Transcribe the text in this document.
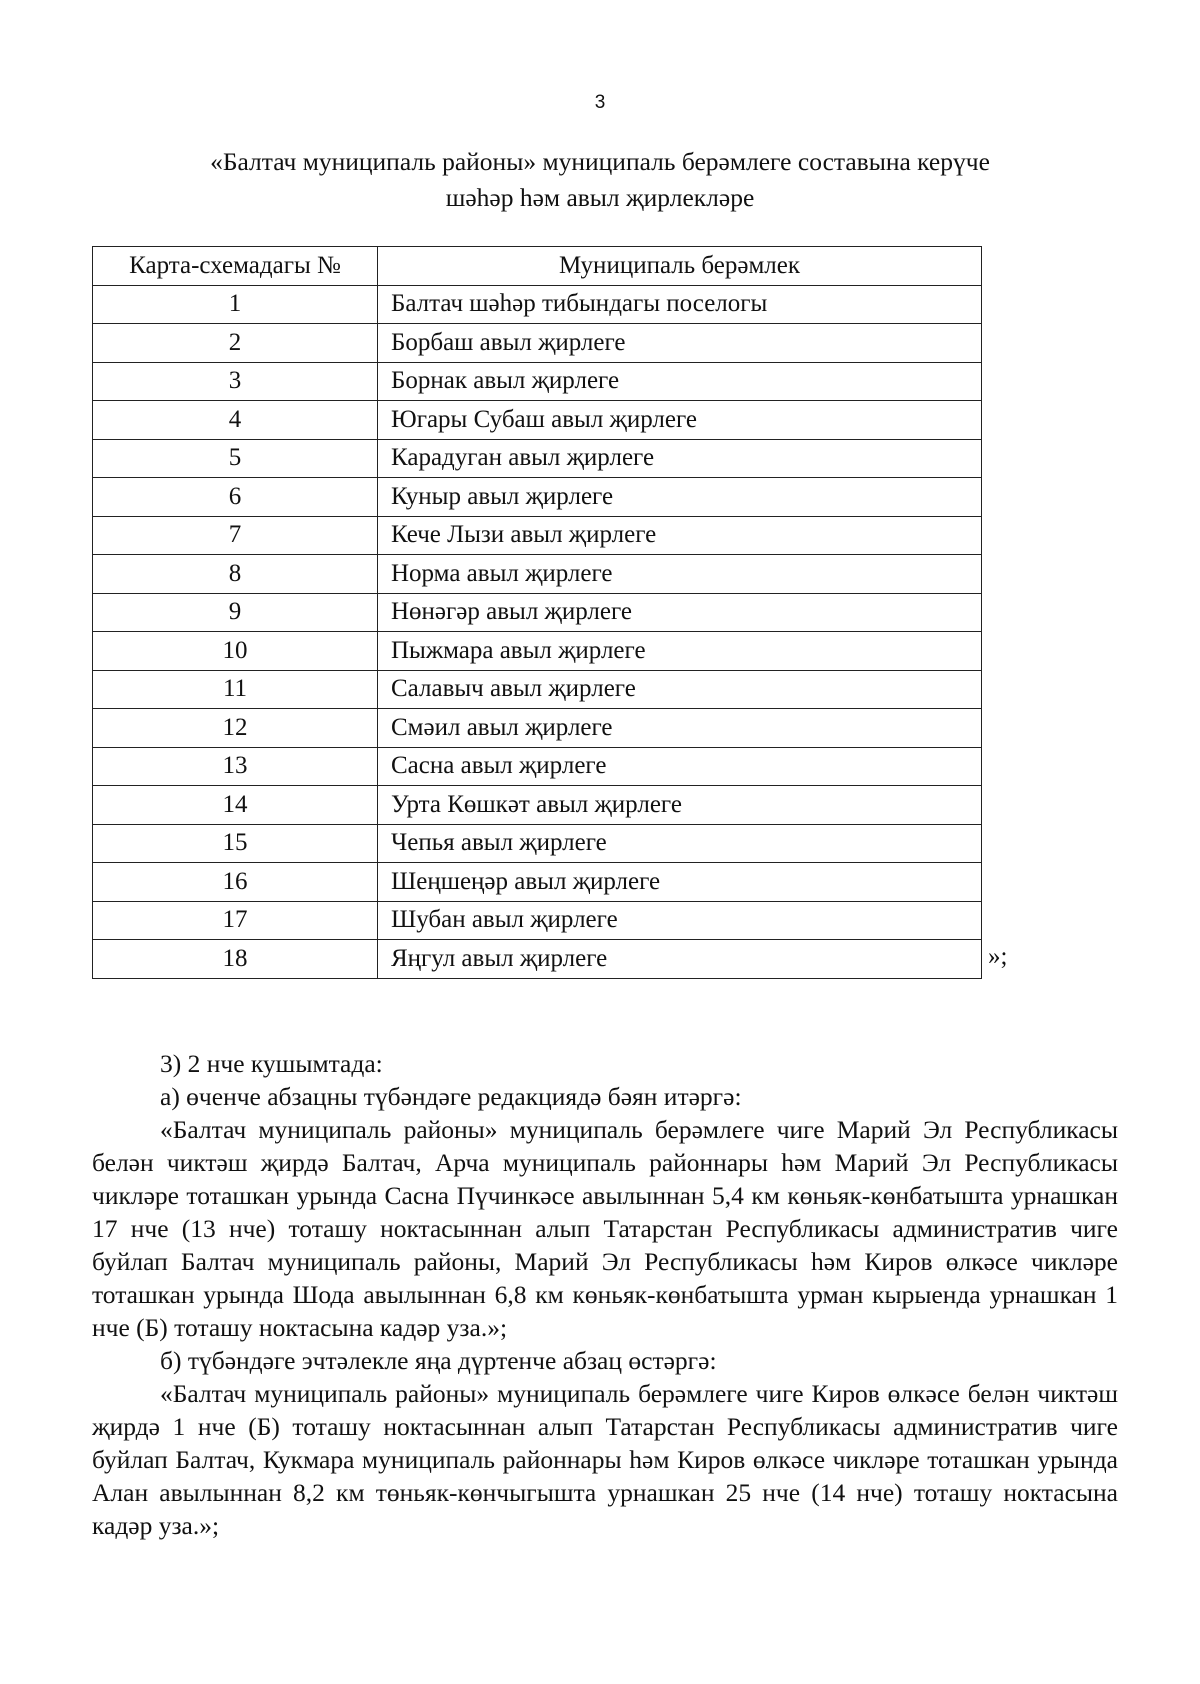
3
«Балтач муниципаль районы» муниципаль берәмлеге составына керүче
шәһәр һәм авыл җирлекләре
Карта-схемадагы №	Муниципаль берәмлек
1	Балтач шәһәр тибындагы поселогы
2	Борбаш авыл җирлеге
3	Борнак авыл җирлеге
4	Югары Субаш авыл җирлеге
5	Карадуган авыл җирлеге
6	Куныр авыл җирлеге
7	Кече Лызи авыл җирлеге
8	Норма авыл җирлеге
9	Нөнәгәр авыл җирлеге
10	Пыжмара авыл җирлеге
11	Салавыч авыл җирлеге
12	Смәил авыл җирлеге
13	Сасна авыл җирлеге
14	Урта Көшкәт авыл җирлеге
15	Чепья авыл җирлеге
16	Шеңшеңәр авыл җирлеге
17	Шубан авыл җирлеге
18	Яңгул авыл җирлеге	»;

3) 2 нче кушымтада:

а) өченче абзацны түбәндәге редакциядә бәян итәргә:

«Балтач муниципаль районы» муниципаль берәмлеге чиге Марий Эл Республикасы белән чиктәш җирдә Балтач, Арча муниципаль районнары һәм Марий Эл Республикасы чикләре тоташкан урында Сасна Пүчинкәсе авылыннан 5,4 км көньяк-көнбатышта урнашкан 17 нче (13 нче) тоташу ноктасыннан алып Татарстан Республикасы административ чиге буйлап Балтач муниципаль районы, Марий Эл Республикасы һәм Киров өлкәсе чикләре тоташкан урында Шода авылыннан 6,8 км көньяк-көнбатышта урман кырыенда урнашкан 1 нче (Б) тоташу ноктасына кадәр уза.»;

б) түбәндәге эчтәлекле яңа дүртенче абзац өстәргә:

«Балтач муниципаль районы» муниципаль берәмлеге чиге Киров өлкәсе белән чиктәш җирдә 1 нче (Б) тоташу ноктасыннан алып Татарстан Республикасы административ чиге буйлап Балтач, Кукмара муниципаль районнары һәм Киров өлкәсе чикләре тоташкан урында Алан авылыннан 8,2 км төньяк-көнчыгышта урнашкан 25 нче (14 нче) тоташу ноктасына кадәр уза.»;
